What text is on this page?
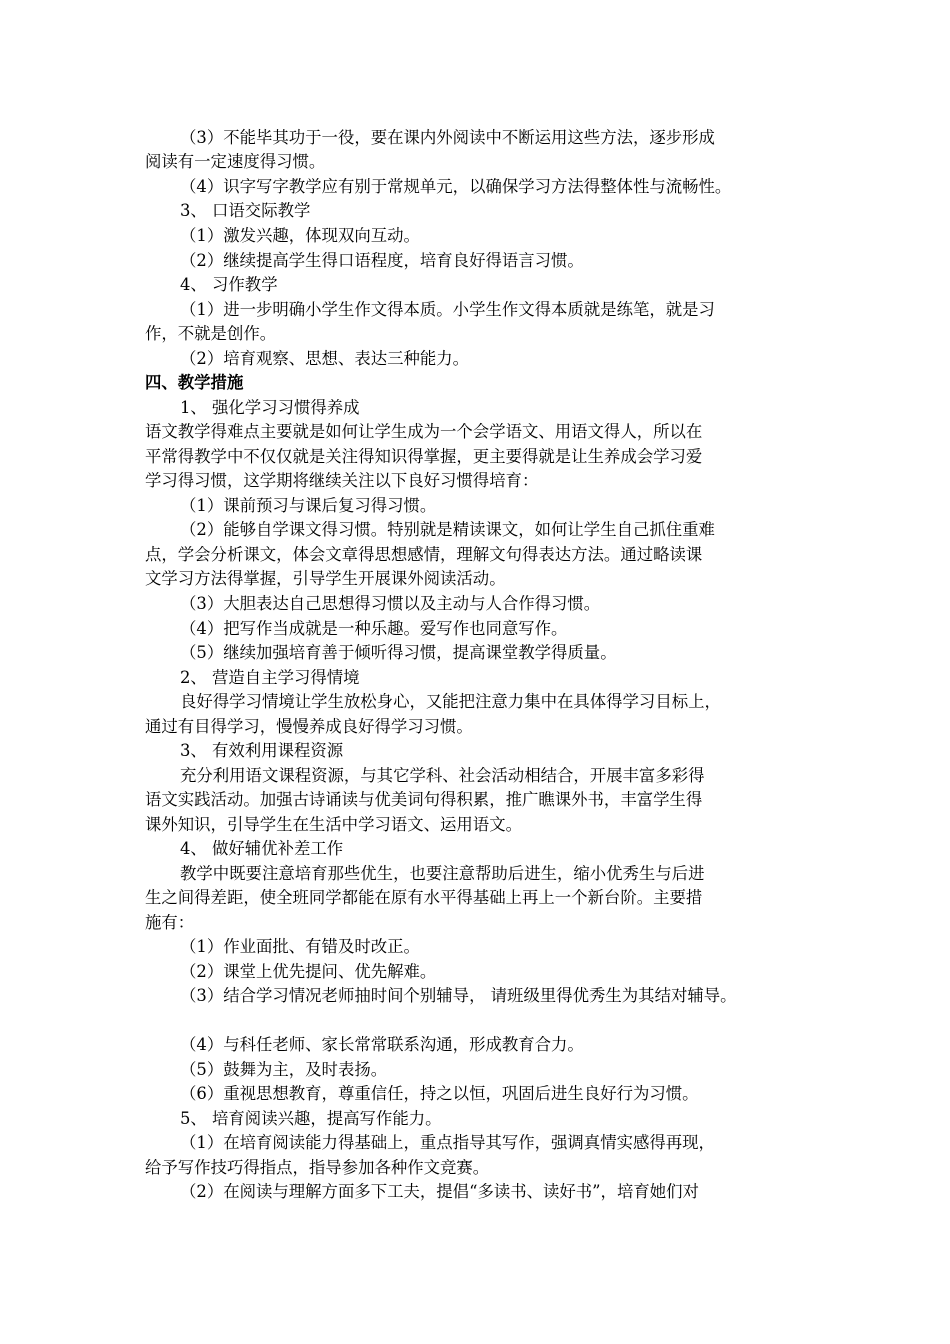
（3）不能毕其功于一役，要在课内外阅读中不断运用这些方法，逐步形成
阅读有一定速度得习惯。
（4）识字写字教学应有别于常规单元，以确保学习方法得整体性与流畅性。
3、 口语交际教学
（1）激发兴趣，体现双向互动。
（2）继续提高学生得口语程度，培育良好得语言习惯。
4、 习作教学
（1）进一步明确小学生作文得本质。小学生作文得本质就是练笔，就是习
作，不就是创作。
（2）培育观察、思想、表达三种能力。
四、教学措施
1、 强化学习习惯得养成
语文教学得难点主要就是如何让学生成为一个会学语文、用语文得人，所以在
平常得教学中不仅仅就是关注得知识得掌握，更主要得就是让生养成会学习爱
学习得习惯，这学期将继续关注以下良好习惯得培育：
（1）课前预习与课后复习得习惯。
（2）能够自学课文得习惯。特别就是精读课文，如何让学生自己抓住重难
点，学会分析课文，体会文章得思想感情，理解文句得表达方法。通过略读课
文学习方法得掌握，引导学生开展课外阅读活动。
（3）大胆表达自己思想得习惯以及主动与人合作得习惯。
（4）把写作当成就是一种乐趣。爱写作也同意写作。
（5）继续加强培育善于倾听得习惯，提高课堂教学得质量。
2、 营造自主学习得情境
良好得学习情境让学生放松身心，又能把注意力集中在具体得学习目标上，
通过有目得学习，慢慢养成良好得学习习惯。
3、 有效利用课程资源
充分利用语文课程资源，与其它学科、社会活动相结合，开展丰富多彩得
语文实践活动。加强古诗诵读与优美词句得积累，推广瞧课外书，丰富学生得
课外知识，引导学生在生活中学习语文、运用语文。
4、 做好辅优补差工作
教学中既要注意培育那些优生，也要注意帮助后进生，缩小优秀生与后进
生之间得差距，使全班同学都能在原有水平得基础上再上一个新台阶。主要措
施有：
（1）作业面批、有错及时改正。
（2）课堂上优先提问、优先解难。
（3）结合学习情况老师抽时间个别辅导， 请班级里得优秀生为其结对辅导。
（4）与科任老师、家长常常联系沟通，形成教育合力。
（5）鼓舞为主，及时表扬。
（6）重视思想教育，尊重信任，持之以恒，巩固后进生良好行为习惯。
5、 培育阅读兴趣，提高写作能力。
（1）在培育阅读能力得基础上，重点指导其写作，强调真情实感得再现，
给予写作技巧得指点，指导参加各种作文竞赛。
（2）在阅读与理解方面多下工夫，提倡“多读书、读好书”，培育她们对
